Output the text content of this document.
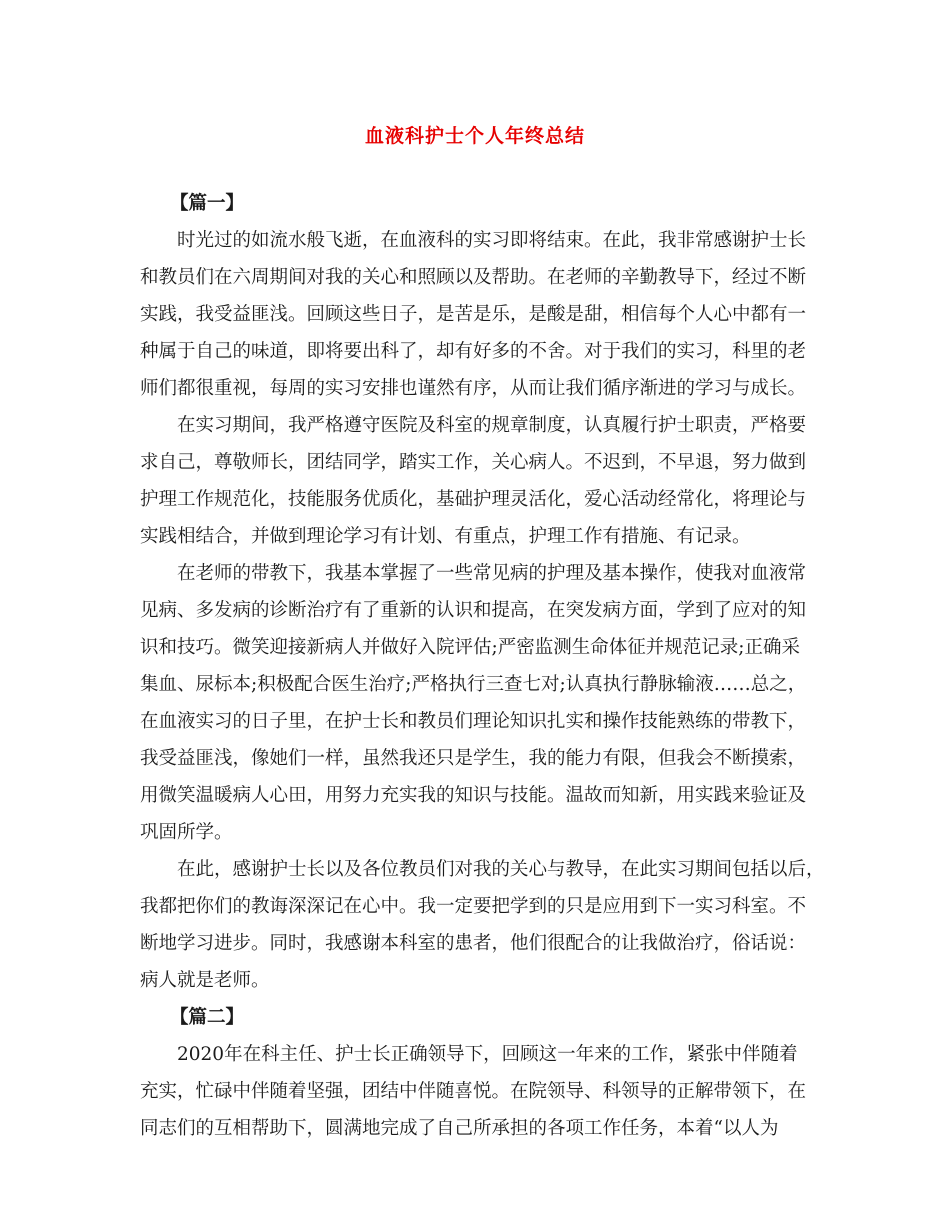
血液科护士个人年终总结
【篇一】
时光过的如流水般飞逝，在血液科的实习即将结束。在此，我非常感谢护士长
和教员们在六周期间对我的关心和照顾以及帮助。在老师的辛勤教导下，经过不断
实践，我受益匪浅。回顾这些日子，是苦是乐，是酸是甜，相信每个人心中都有一
种属于自己的味道，即将要出科了，却有好多的不舍。对于我们的实习，科里的老
师们都很重视，每周的实习安排也谨然有序，从而让我们循序渐进的学习与成长。
在实习期间，我严格遵守医院及科室的规章制度，认真履行护士职责，严格要
求自己，尊敬师长，团结同学，踏实工作，关心病人。不迟到，不早退，努力做到
护理工作规范化，技能服务优质化，基础护理灵活化，爱心活动经常化，将理论与
实践相结合，并做到理论学习有计划、有重点，护理工作有措施、有记录。
在老师的带教下，我基本掌握了一些常见病的护理及基本操作，使我对血液常
见病、多发病的诊断治疗有了重新的认识和提高，在突发病方面，学到了应对的知
识和技巧。微笑迎接新病人并做好入院评估;严密监测生命体征并规范记录;正确采
集血、尿标本;积极配合医生治疗;严格执行三查七对;认真执行静脉输液……总之，
在血液实习的日子里，在护士长和教员们理论知识扎实和操作技能熟练的带教下，
我受益匪浅，像她们一样，虽然我还只是学生，我的能力有限，但我会不断摸索，
用微笑温暖病人心田，用努力充实我的知识与技能。温故而知新，用实践来验证及
巩固所学。
在此，感谢护士长以及各位教员们对我的关心与教导，在此实习期间包括以后，
我都把你们的教诲深深记在心中。我一定要把学到的只是应用到下一实习科室。不
断地学习进步。同时，我感谢本科室的患者，他们很配合的让我做治疗，俗话说：
病人就是老师。
【篇二】
2020年在科主任、护士长正确领导下，回顾这一年来的工作，紧张中伴随着
充实，忙碌中伴随着坚强，团结中伴随喜悦。在院领导、科领导的正解带领下，在
同志们的互相帮助下，圆满地完成了自己所承担的各项工作任务，本着“以人为
